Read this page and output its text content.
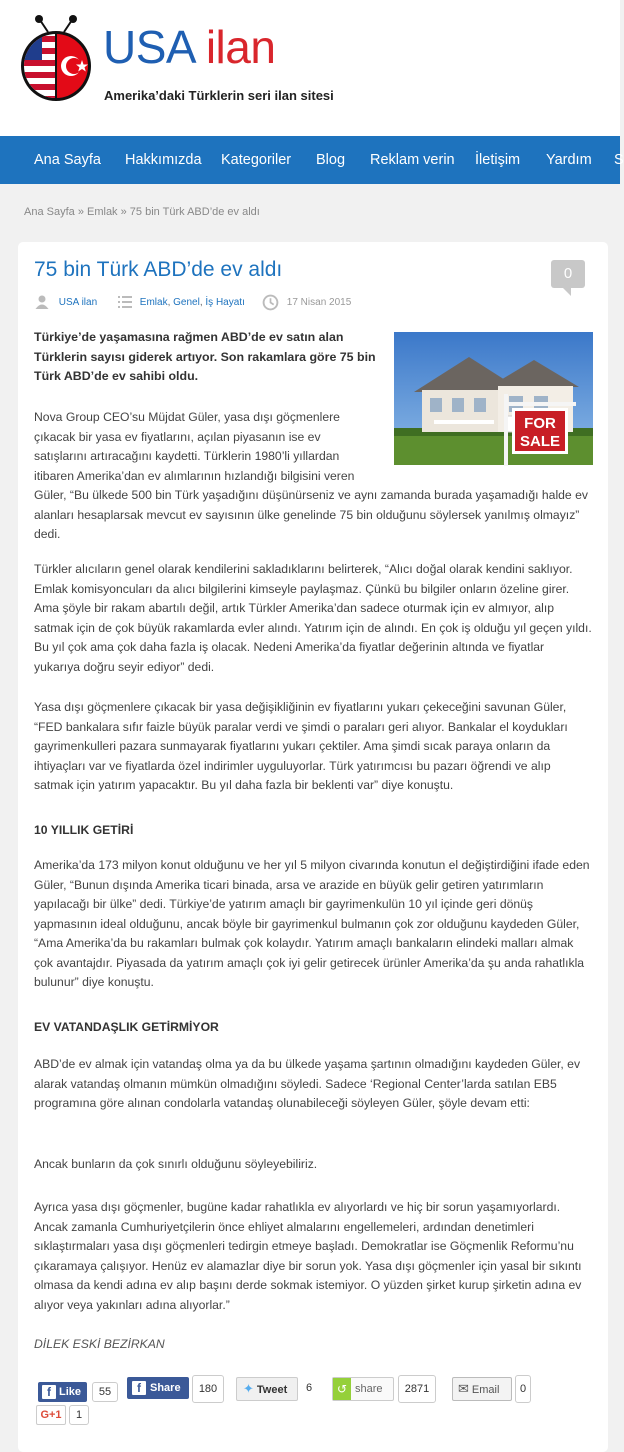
USA ilan
Amerika’daki Türklerin seri ilan sitesi
Ana Sayfa Hakkımızda Kategoriler Blog Reklam verin İletişim Yardım S
Ana Sayfa » Emlak » 75 bin Türk ABD’de ev aldı
75 bin Türk ABD’de ev aldı	0
USA ilan	Emlak, Genel, İş Hayatı	17 Nisan 2015
FOR
SALE

Türkiye’de yaşamasına rağmen ABD’de ev satın alan Türklerin sayısı giderek artıyor. Son rakamlara göre 75 bin Türk ABD’de ev sahibi oldu.

Nova Group CEO’su Müjdat Güler, yasa dışı göçmenlere

çıkacak bir yasa ev fiyatlarını, açılan piyasanın ise ev

satışlarını artıracağını kaydetti. Türklerin 1980’li yıllardan

itibaren Amerika’dan ev alımlarının hızlandığı bilgisini veren

Güler, “Bu ülkede 500 bin Türk yaşadığını düşünürseniz ve aynı zamanda burada yaşamadığı halde ev alanları hesaplarsak mevcut ev sayısının ülke genelinde 75 bin olduğunu söylersek yanılmış olmayız” dedi.

Türkler alıcıların genel olarak kendilerini sakladıklarını belirterek, “Alıcı doğal olarak kendini saklıyor. Emlak komisyoncuları da alıcı bilgilerini kimseyle paylaşmaz. Çünkü bu bilgiler onların özeline girer. Ama şöyle bir rakam abartılı değil, artık Türkler Amerika’dan sadece oturmak için ev almıyor, alıp satmak için de çok büyük rakamlarda evler alındı. Yatırım için de alındı. En çok iş olduğu yıl geçen yıldı. Bu yıl çok ama çok daha fazla iş olacak. Nedeni Amerika’da fiyatlar değerinin altında ve fiyatlar yukarıya doğru seyir ediyor” dedi.

Yasa dışı göçmenlere çıkacak bir yasa değişikliğinin ev fiyatlarını yukarı çekeceğini savunan Güler, “FED bankalara sıfır faizle büyük paralar verdi ve şimdi o paraları geri alıyor. Bankalar el koydukları gayrimenkulleri pazara sunmayarak fiyatlarını yukarı çektiler. Ama şimdi sıcak paraya onların da ihtiyaçları var ve fiyatlarda özel indirimler uyguluyorlar. Türk yatırımcısı bu pazarı öğrendi ve alıp satmak için yatırım yapacaktır. Bu yıl daha fazla bir beklenti var” diye konuştu.

10 YILLIK GETİRİ

Amerika’da 173 milyon konut olduğunu ve her yıl 5 milyon civarında konutun el değiştirdiğini ifade eden Güler, “Bunun dışında Amerika ticari binada, arsa ve arazide en büyük gelir getiren yatırımların yapılacağı bir ülke” dedi. Türkiye’de yatırım amaçlı bir gayrimenkulün 10 yıl içinde geri dönüş yapmasının ideal olduğunu, ancak böyle bir gayrimenkul bulmanın çok zor olduğunu kaydeden Güler, “Ama Amerika’da bu rakamları bulmak çok kolaydır. Yatırım amaçlı bankaların elindeki malları almak çok avantajdır. Piyasada da yatırım amaçlı çok iyi gelir getirecek ürünler Amerika’da şu anda rahatlıkla bulunur” diye konuştu.

EV VATANDAŞLIK GETİRMİYOR

ABD’de ev almak için vatandaş olma ya da bu ülkede yaşama şartının olmadığını kaydeden Güler, ev alarak vatandaş olmanın mümkün olmadığını söyledi. Sadece ‘Regional Center’larda satılan EB5 programına göre alınan condolarla vatandaş olunabileceği söyleyen Güler, şöyle devam etti:

Ancak bunların da çok sınırlı olduğunu söyleyebiliriz.

Ayrıca yasa dışı göçmenler, bugüne kadar rahatlıkla ev alıyorlardı ve hiç bir sorun yaşamıyorlardı. Ancak zamanla Cumhuriyetçilerin önce ehliyet almalarını engellemeleri, ardından denetimleri sıklaştırmaları yasa dışı göçmenleri tedirgin etmeye başladı. Demokratlar ise Göçmenlik Reformu’nu çıkaramaya çalışıyor. Henüz ev alamazlar diye bir sorun yok. Yasa dışı göçmenler için yasal bir sıkıntı olmasa da kendi adına ev alıp başını derde sokmak istemiyor. O yüzden şirket kurup şirketin adına ev alıyor veya yakınları adına alıyorlar.”

DİLEK ESKİ BEZİRKAN

f Like	55	f Share	180	✦ Tweet	6	↺ share	2871	✉ Email	0
G+1	1
